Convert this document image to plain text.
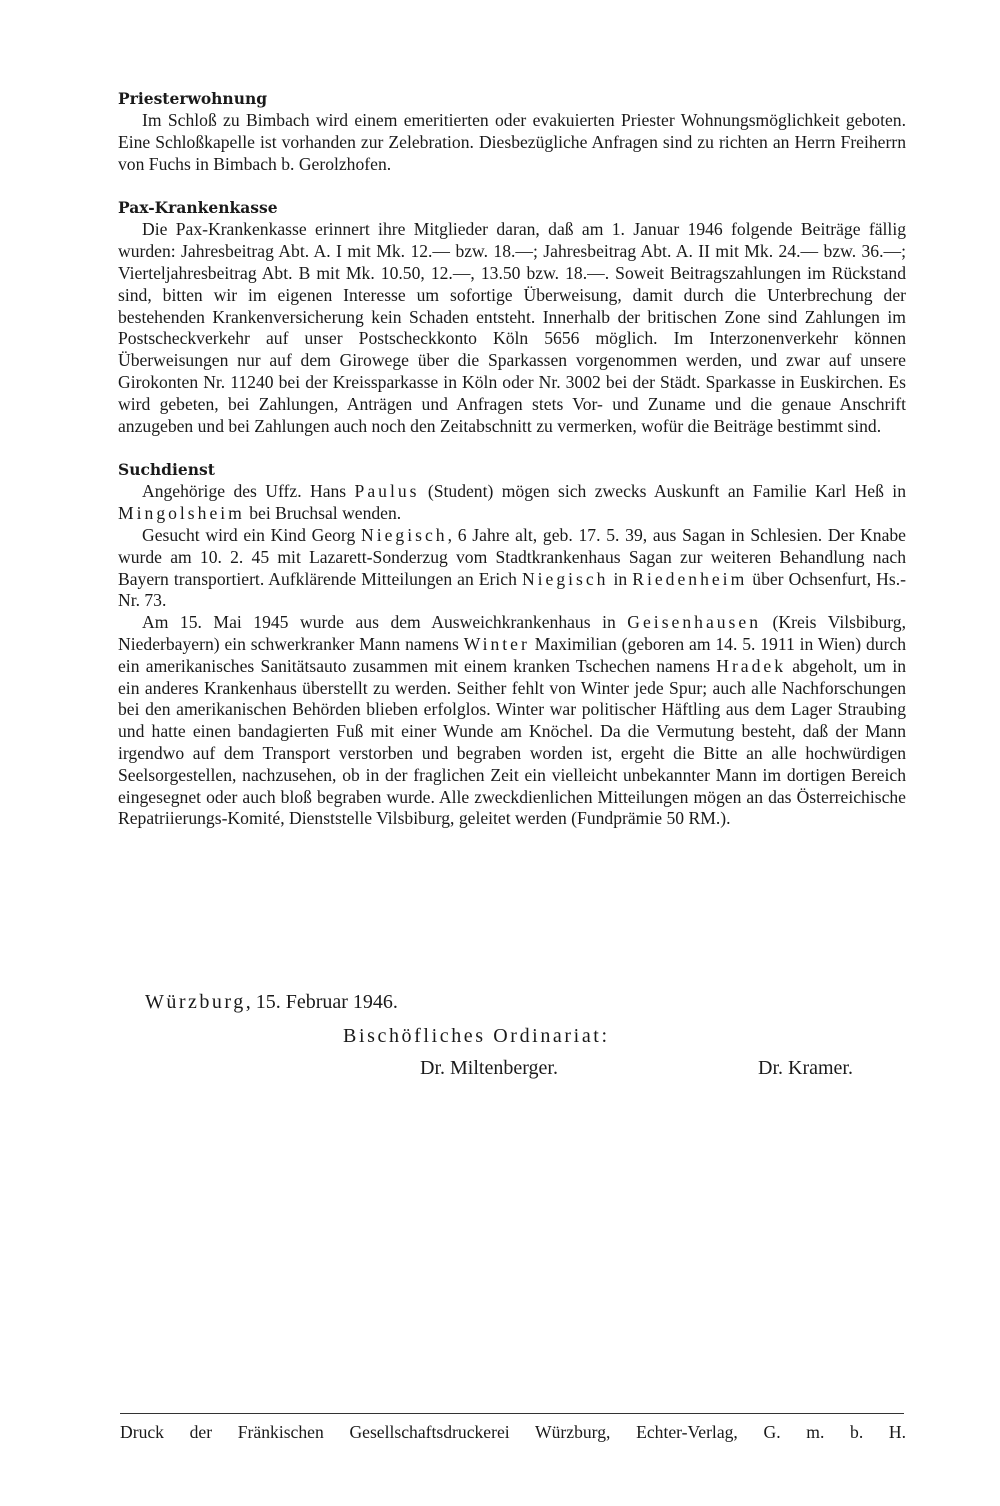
Priesterwohnung

Im Schloß zu Bimbach wird einem emeritierten oder evakuierten Priester Wohnungsmöglichkeit geboten. Eine Schloßkapelle ist vorhanden zur Zelebration. Diesbezügliche Anfragen sind zu richten an Herrn Freiherrn von Fuchs in Bimbach b. Gerolzhofen.

Pax-Krankenkasse

Die Pax-Krankenkasse erinnert ihre Mitglieder daran, daß am 1. Januar 1946 folgende Beiträge fällig wurden: Jahresbeitrag Abt. A. I mit Mk. 12.— bzw. 18.—; Jahresbeitrag Abt. A. II mit Mk. 24.— bzw. 36.—; Vierteljahresbeitrag Abt. B mit Mk. 10.50, 12.—, 13.50 bzw. 18.—. Soweit Beitragszahlungen im Rückstand sind, bitten wir im eigenen Interesse um sofortige Überweisung, damit durch die Unterbrechung der bestehenden Krankenversicherung kein Schaden entsteht. Innerhalb der britischen Zone sind Zahlungen im Postscheckverkehr auf unser Postscheckkonto Köln 5656 möglich. Im Interzonenverkehr können Überweisungen nur auf dem Girowege über die Sparkassen vorgenommen werden, und zwar auf unsere Girokonten Nr. 11240 bei der Kreissparkasse in Köln oder Nr. 3002 bei der Städt. Sparkasse in Euskirchen. Es wird gebeten, bei Zahlungen, Anträgen und Anfragen stets Vor- und Zuname und die genaue Anschrift anzugeben und bei Zahlungen auch noch den Zeitabschnitt zu vermerken, wofür die Beiträge bestimmt sind.

Suchdienst

Angehörige des Uffz. Hans Paulus (Student) mögen sich zwecks Auskunft an Familie Karl Heß in Mingolsheim bei Bruchsal wenden.

Gesucht wird ein Kind Georg Niegisch, 6 Jahre alt, geb. 17. 5. 39, aus Sagan in Schlesien. Der Knabe wurde am 10. 2. 45 mit Lazarett-Sonderzug vom Stadtkrankenhaus Sagan zur weiteren Behandlung nach Bayern transportiert. Aufklärende Mitteilungen an Erich Niegisch in Riedenheim über Ochsenfurt, Hs.-Nr. 73.

Am 15. Mai 1945 wurde aus dem Ausweichkrankenhaus in Geisenhausen (Kreis Vilsbiburg, Niederbayern) ein schwerkranker Mann namens Winter Maximilian (geboren am 14. 5. 1911 in Wien) durch ein amerikanisches Sanitätsauto zusammen mit einem kranken Tschechen namens Hradek abgeholt, um in ein anderes Krankenhaus überstellt zu werden. Seither fehlt von Winter jede Spur; auch alle Nachforschungen bei den amerikanischen Behörden blieben erfolglos. Winter war politischer Häftling aus dem Lager Straubing und hatte einen bandagierten Fuß mit einer Wunde am Knöchel. Da die Vermutung besteht, daß der Mann irgendwo auf dem Transport verstorben und begraben worden ist, ergeht die Bitte an alle hochwürdigen Seelsorgestellen, nachzusehen, ob in der fraglichen Zeit ein vielleicht unbekannter Mann im dortigen Bereich eingesegnet oder auch bloß begraben wurde. Alle zweckdienlichen Mitteilungen mögen an das Österreichische Repatriierungs-Komité, Dienststelle Vilsbiburg, geleitet werden (Fundprämie 50 RM.).

Würzburg, 15. Februar 1946.
Bischöfliches Ordinariat:
Dr. Miltenberger.	Dr. Kramer.
Druck der Fränkischen Gesellschaftsdruckerei Würzburg, Echter-Verlag, G. m. b. H.
